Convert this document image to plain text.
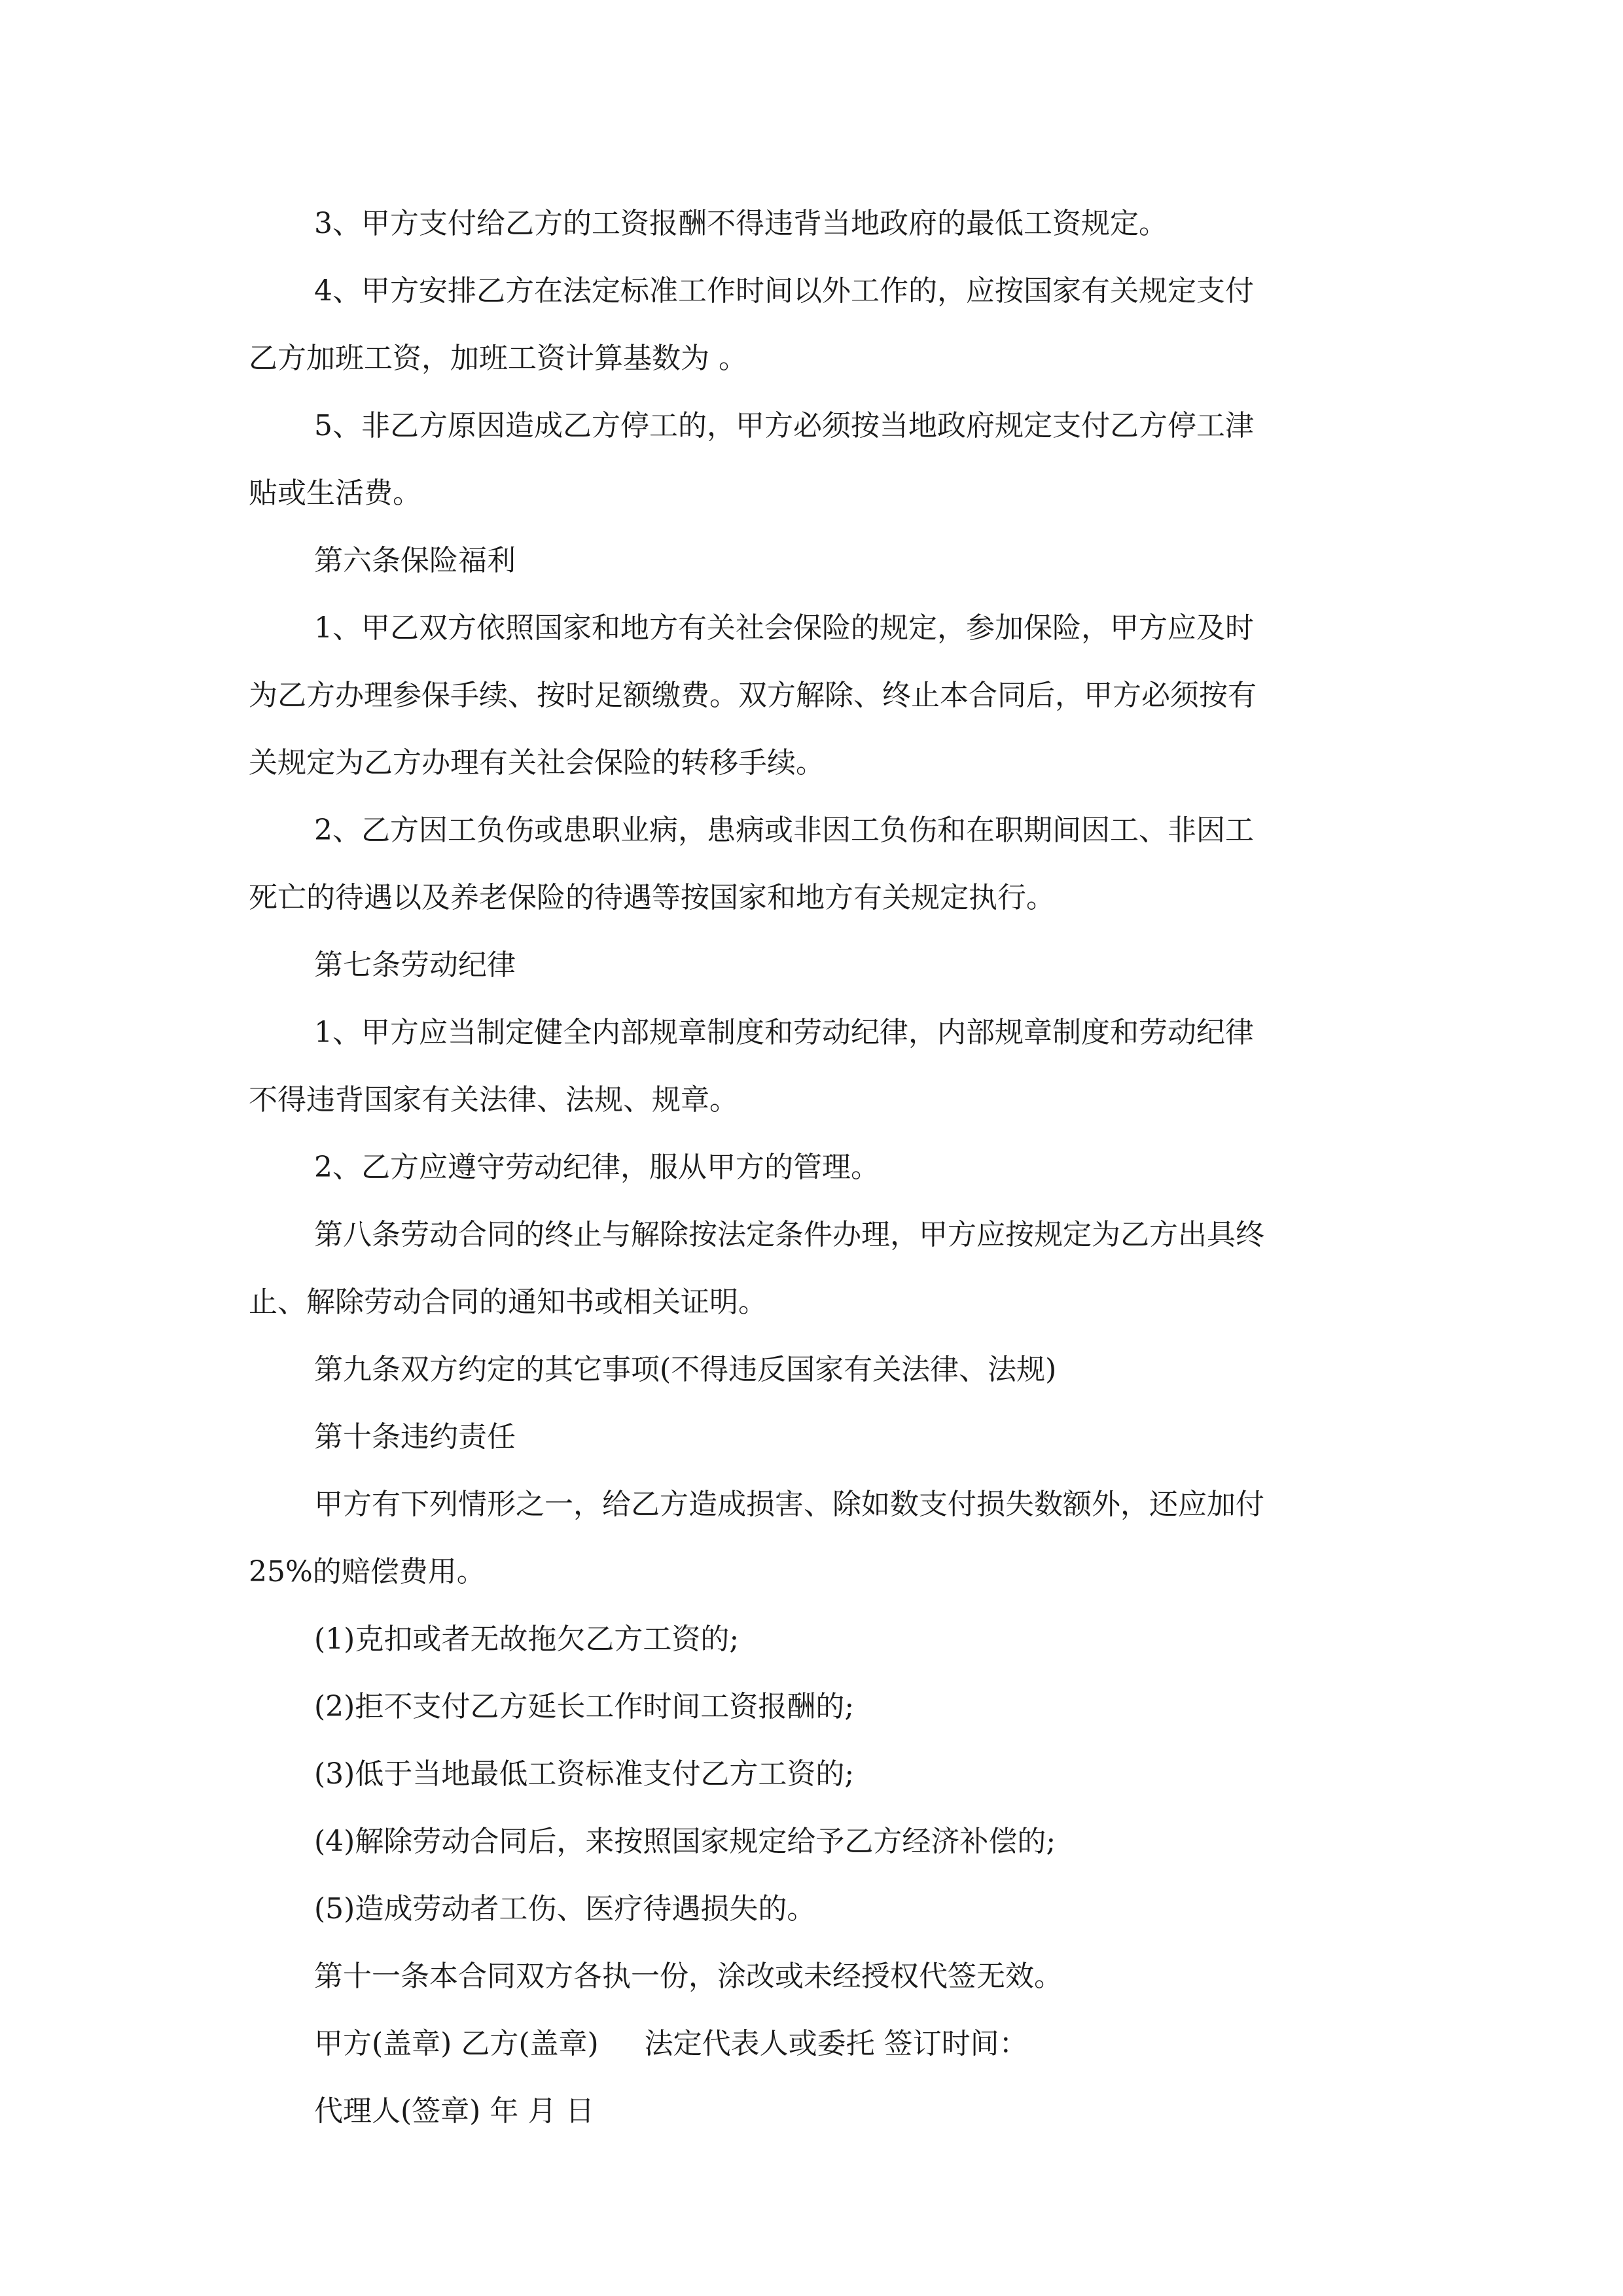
3、甲方支付给乙方的工资报酬不得违背当地政府的最低工资规定。
4、甲方安排乙方在法定标准工作时间以外工作的，应按国家有关规定支付
乙方加班工资，加班工资计算基数为 。
5、非乙方原因造成乙方停工的，甲方必须按当地政府规定支付乙方停工津
贴或生活费。
第六条保险福利
1、甲乙双方依照国家和地方有关社会保险的规定，参加保险，甲方应及时
为乙方办理参保手续、按时足额缴费。双方解除、终止本合同后，甲方必须按有
关规定为乙方办理有关社会保险的转移手续。
2、乙方因工负伤或患职业病，患病或非因工负伤和在职期间因工、非因工
死亡的待遇以及养老保险的待遇等按国家和地方有关规定执行。
第七条劳动纪律
1、甲方应当制定健全内部规章制度和劳动纪律，内部规章制度和劳动纪律
不得违背国家有关法律、法规、规章。
2、乙方应遵守劳动纪律，服从甲方的管理。
第八条劳动合同的终止与解除按法定条件办理，甲方应按规定为乙方出具终
止、解除劳动合同的通知书或相关证明。
第九条双方约定的其它事项(不得违反国家有关法律、法规)
第十条违约责任
甲方有下列情形之一，给乙方造成损害、除如数支付损失数额外，还应加付
25%的赔偿费用。
(1)克扣或者无故拖欠乙方工资的;
(2)拒不支付乙方延长工作时间工资报酬的;
(3)低于当地最低工资标准支付乙方工资的;
(4)解除劳动合同后，来按照国家规定给予乙方经济补偿的;
(5)造成劳动者工伤、医疗待遇损失的。
第十一条本合同双方各执一份，涂改或未经授权代签无效。
甲方(盖章) 乙方(盖章)     法定代表人或委托 签订时间：
代理人(签章) 年 月 日
